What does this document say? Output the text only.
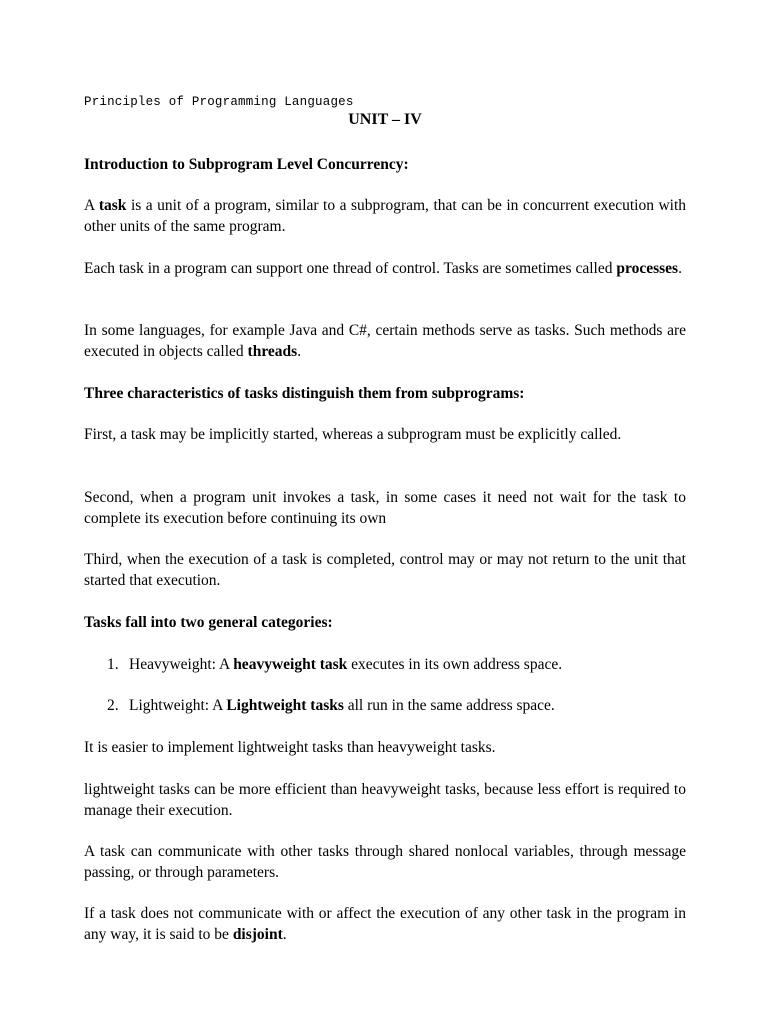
Principles of Programming Languages

UNIT – IV

Introduction to Subprogram Level Concurrency:

A task is a unit of a program, similar to a subprogram, that can be in concurrent execution with other units of the same program.

Each task in a program can support one thread of control. Tasks are sometimes called processes.

In some languages, for example Java and C#, certain methods serve as tasks. Such methods are executed in objects called threads.

Three characteristics of tasks distinguish them from subprograms:

First, a task may be implicitly started, whereas a subprogram must be explicitly called.

Second, when a program unit invokes a task, in some cases it need not wait for the task to complete its execution before continuing its own

Third, when the execution of a task is completed, control may or may not return to the unit that started that execution.

Tasks fall into two general categories:

1. Heavyweight: A heavyweight task executes in its own address space.

2. Lightweight: A Lightweight tasks all run in the same address space.

It is easier to implement lightweight tasks than heavyweight tasks.

lightweight tasks can be more efficient than heavyweight tasks, because less effort is required to manage their execution.

A task can communicate with other tasks through shared nonlocal variables, through message passing, or through parameters.

If a task does not communicate with or affect the execution of any other task in the program in any way, it is said to be disjoint.
